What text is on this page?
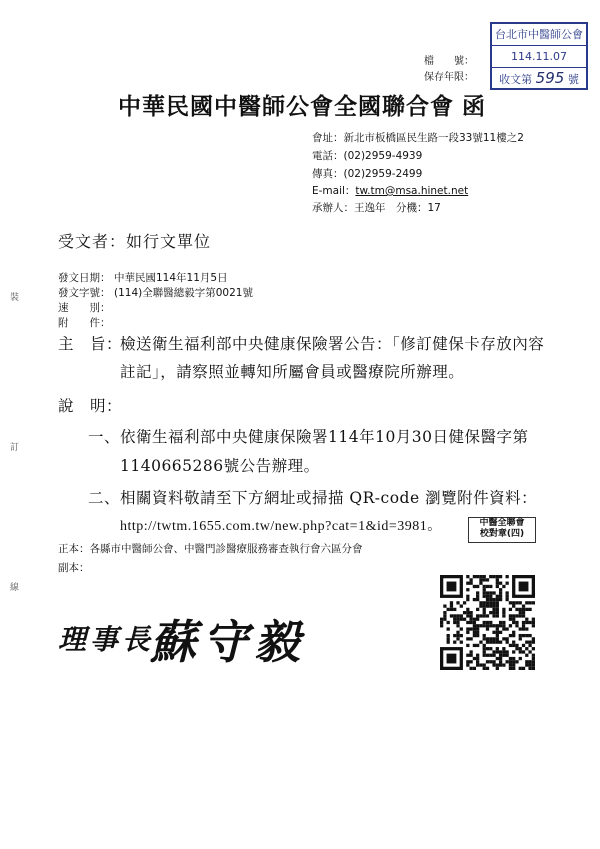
台北市中醫師公會
114.11.07
收文第 595 號
檔　　號：
保存年限：
中華民國中醫師公會全國聯合會 函
會址：新北市板橋區民生路一段33號11樓之2
電話：(02)2959-4939
傳真：(02)2959-2499
E-mail：tw.tm@msa.hinet.net
承辦人：王逸年　分機：17
受文者：如行文單位
發文日期： 中華民國114年11月5日
發文字號： (114)全聯醫總毅字第0021號
速　　別：
附　　件：
裝
訂
線
主　旨：
檢送衛生福利部中央健康保險署公告：「修訂健保卡存放內容
註記」，請察照並轉知所屬會員或醫療院所辦理。
說　明：
一、依衛生福利部中央健康保險署114年10月30日健保醫字第
1140665286號公告辦理。
二、相關資料敬請至下方網址或掃描 QR-code 瀏覽附件資料：
http://twtm.1655.com.tw/new.php?cat=1&id=3981。	中醫全聯會
校對章(四)
正本：各縣市中醫師公會、中醫門診醫療服務審查執行會六區分會
副本：
理事長
蘇守毅
